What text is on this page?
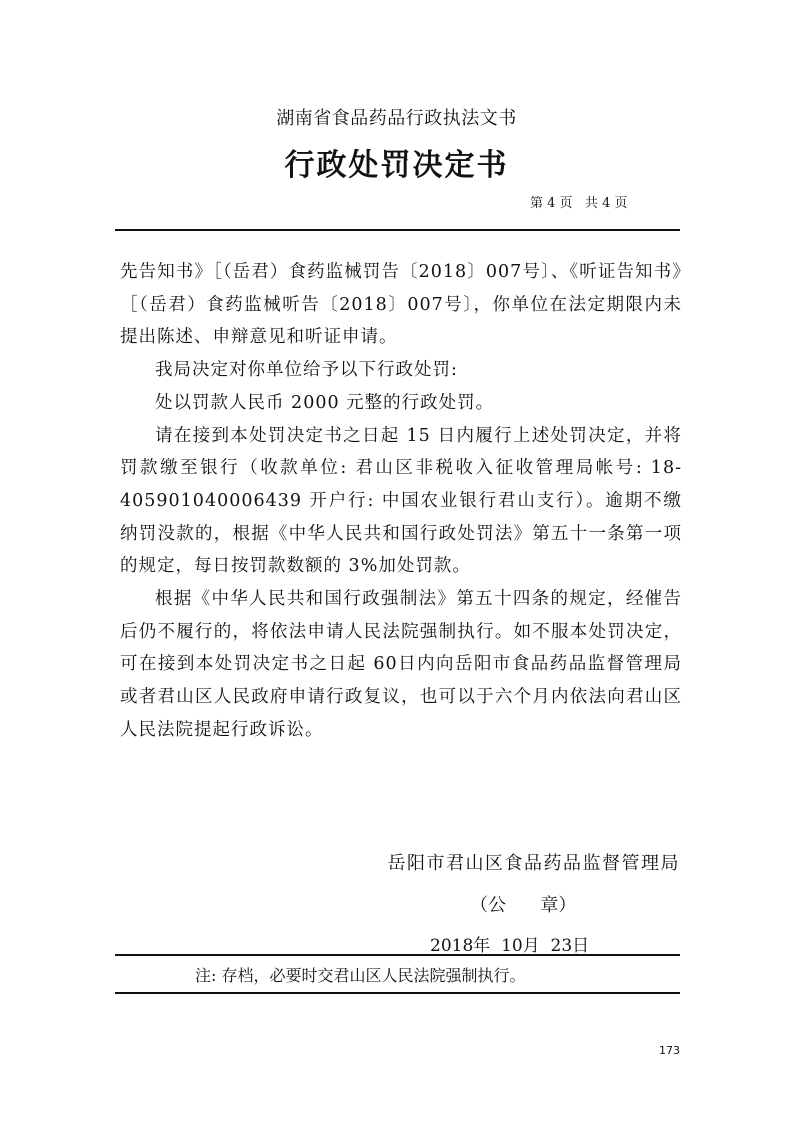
湖南省食品药品行政执法文书
行政处罚决定书
第 4 页   共 4 页

先告知书》［（岳君）食药监械罚告〔2018〕007号〕、《听证告知书》［（岳君）食药监械听告〔2018〕007号〕，你单位在法定期限内未提出陈述、申辩意见和听证申请。

我局决定对你单位给予以下行政处罚:

处以罚款人民币 2000 元整的行政处罚。

请在接到本处罚决定书之日起 15 日内履行上述处罚决定，并将罚款缴至银行（收款单位: 君山区非税收入征收管理局帐号: 18-405901040006439 开户行: 中国农业银行君山支行）。逾期不缴纳罚没款的，根据《中华人民共和国行政处罚法》第五十一条第一项的规定，每日按罚款数额的 3%加处罚款。

根据《中华人民共和国行政强制法》第五十四条的规定，经催告后仍不履行的，将依法申请人民法院强制执行。如不服本处罚决定，可在接到本处罚决定书之日起 60日内向岳阳市食品药品监督管理局或者君山区人民政府申请行政复议，也可以于六个月内依法向君山区人民法院提起行政诉讼。

岳阳市君山区食品药品监督管理局
（公      章）
2018年  10月  23日
注: 存档，必要时交君山区人民法院强制执行。
173
